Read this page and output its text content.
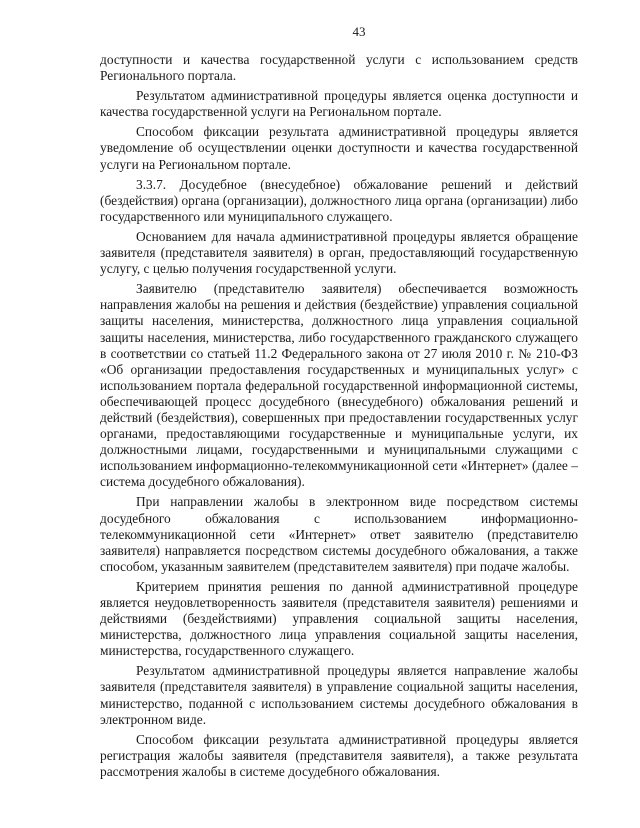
43

доступности и качества государственной услуги с использованием средств Регионального портала.

Результатом административной процедуры является оценка доступности и качества государственной услуги на Региональном портале.

Способом фиксации результата административной процедуры является уведомление об осуществлении оценки доступности и качества государственной услуги на Региональном портале.

3.3.7. Досудебное (внесудебное) обжалование решений и действий (бездействия) органа (организации), должностного лица органа (организации) либо государственного или муниципального служащего.

Основанием для начала административной процедуры является обращение заявителя (представителя заявителя) в орган, предоставляющий государственную услугу, с целью получения государственной услуги.

Заявителю (представителю заявителя) обеспечивается возможность направления жалобы на решения и действия (бездействие) управления социальной защиты населения, министерства, должностного лица управления социальной защиты населения, министерства, либо государственного гражданского служащего в соответствии со статьей 11.2 Федерального закона от 27 июля 2010 г. № 210-ФЗ «Об организации предоставления государственных и муниципальных услуг» с использованием портала федеральной государственной информационной системы, обеспечивающей процесс досудебного (внесудебного) обжалования решений и действий (бездействия), совершенных при предоставлении государственных услуг органами, предоставляющими государственные и муниципальные услуги, их должностными лицами, государственными и муниципальными служащими с использованием информационно-телекоммуникационной сети «Интернет» (далее – система досудебного обжалования).

При направлении жалобы в электронном виде посредством системы досудебного обжалования с использованием информационно-телекоммуникационной сети «Интернет» ответ заявителю (представителю заявителя) направляется посредством системы досудебного обжалования, а также способом, указанным заявителем (представителем заявителя) при подаче жалобы.

Критерием принятия решения по данной административной процедуре является неудовлетворенность заявителя (представителя заявителя) решениями и действиями (бездействиями) управления социальной защиты населения, министерства, должностного лица управления социальной защиты населения, министерства, государственного служащего.

Результатом административной процедуры является направление жалобы заявителя (представителя заявителя) в управление социальной защиты населения, министерство, поданной с использованием системы досудебного обжалования в электронном виде.

Способом фиксации результата административной процедуры является регистрация жалобы заявителя (представителя заявителя), а также результата рассмотрения жалобы в системе досудебного обжалования.
